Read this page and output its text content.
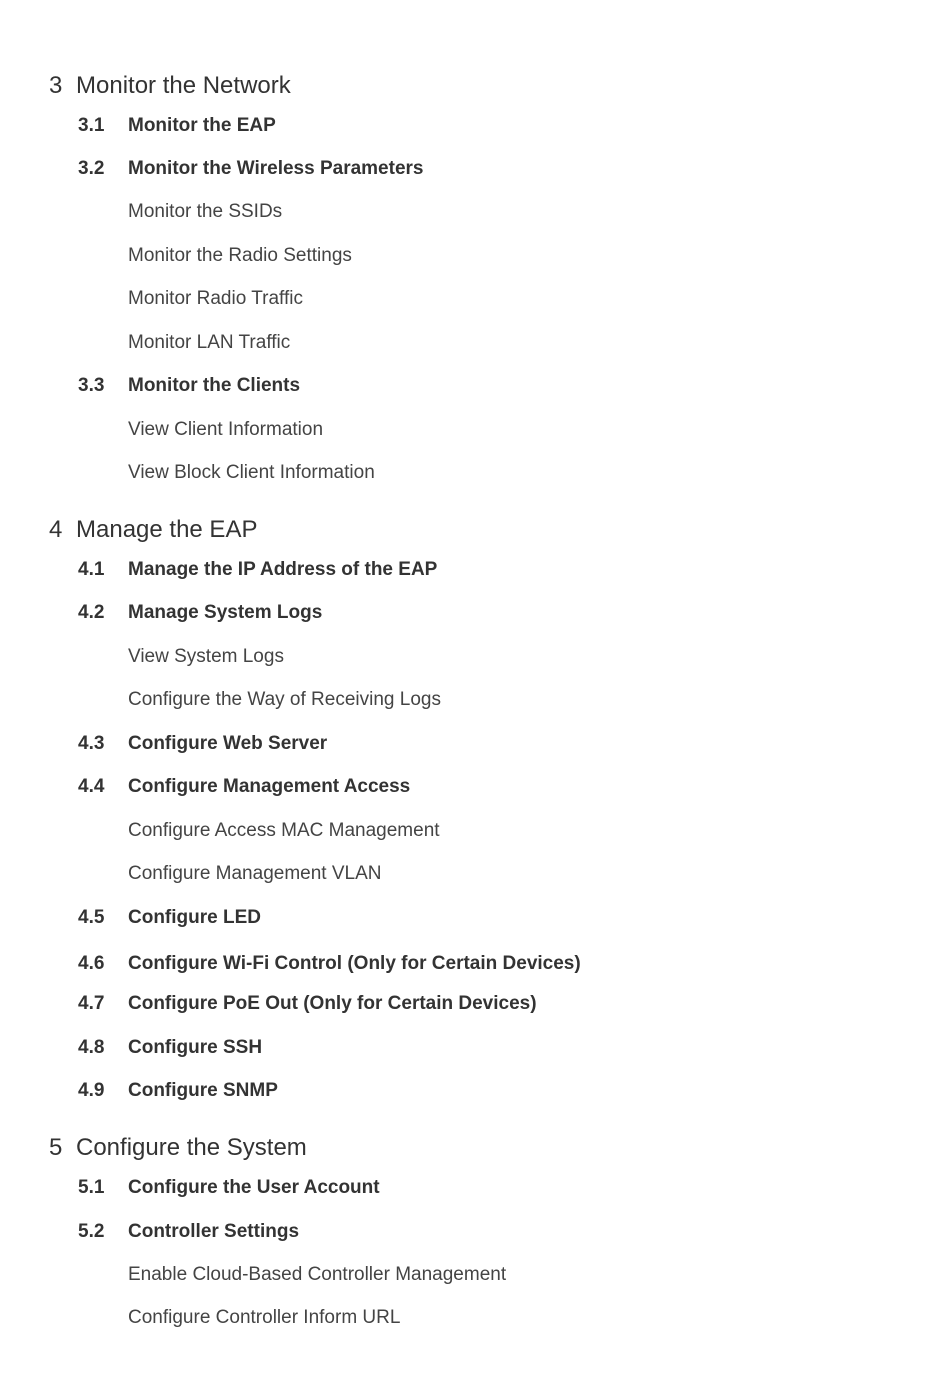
3 Monitor the Network
3.1 Monitor the EAP
3.2 Monitor the Wireless Parameters
Monitor the SSIDs
Monitor the Radio Settings
Monitor Radio Traffic
Monitor LAN Traffic
3.3 Monitor the Clients
View Client Information
View Block Client Information
4 Manage the EAP
4.1 Manage the IP Address of the EAP
4.2 Manage System Logs
View System Logs
Configure the Way of Receiving Logs
4.3 Configure Web Server
4.4 Configure Management Access
Configure Access MAC Management
Configure Management VLAN
4.5 Configure LED
4.6 Configure Wi-Fi Control (Only for Certain Devices)
4.7 Configure PoE Out (Only for Certain Devices)
4.8 Configure SSH
4.9 Configure SNMP
5 Configure the System
5.1 Configure the User Account
5.2 Controller Settings
Enable Cloud-Based Controller Management
Configure Controller Inform URL
